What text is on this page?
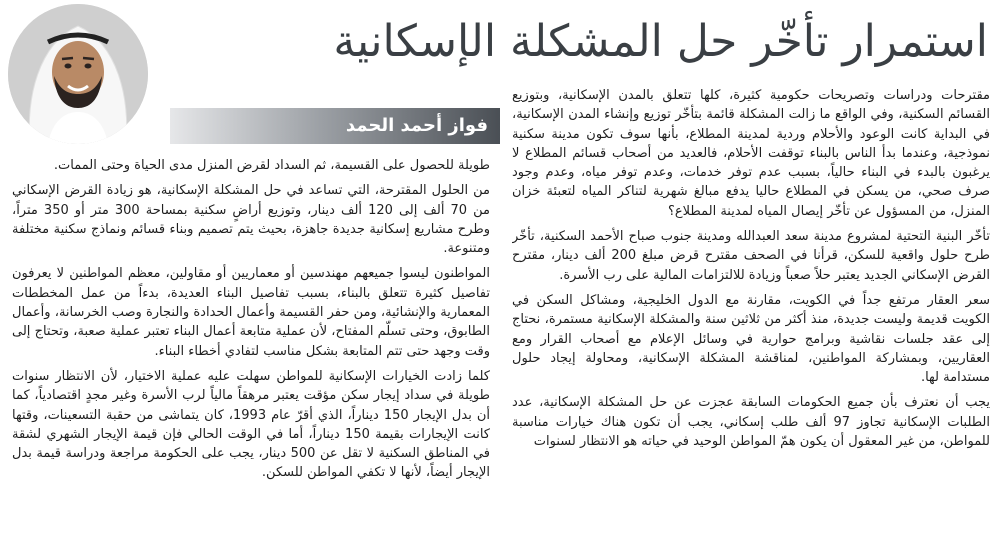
استمرار تأخّر حل المشكلة الإسكانية
فواز أحمد الحمد

مقترحات ودراسات وتصريحات حكومية كثيرة، كلها تتعلق بالمدن الإسكانية، وبتوزيع القسائم السكنية، وفي الواقع ما زالت المشكلة قائمة بتأخّر توزيع وإنشاء المدن الإسكانية، في البداية كانت الوعود والأحلام وردية لمدينة المطلاع، بأنها سوف تكون مدينة سكنية نموذجية، وعندما بدأ الناس بالبناء توقفت الأحلام، فالعديد من أصحاب قسائم المطلاع لا يرغبون بالبدء في البناء حالياً، بسبب عدم توفر خدمات، وعدم توفر مياه، وعدم وجود صرف صحي، من يسكن في المطلاع حاليا يدفع مبالغ شهرية لتناكر المياه لتعبئة خزان المنزل، من المسؤول عن تأخّر إيصال المياه لمدينة المطلاع؟

تأخّر البنية التحتية لمشروع مدينة سعد العبدالله ومدينة جنوب صباح الأحمد السكنية، تأخّر طرح حلول واقعية للسكن، قرأنا في الصحف مقترح قرض مبلغ 200 ألف دينار، مقترح القرض الإسكاني الجديد يعتبر حلاً صعباً وزيادة للالتزامات المالية على رب الأسرة.

سعر العقار مرتفع جداً في الكويت، مقارنة مع الدول الخليجية، ومشاكل السكن في الكويت قديمة وليست جديدة، منذ أكثر من ثلاثين سنة والمشكلة الإسكانية مستمرة، نحتاج إلى عقد جلسات نقاشية وبرامج حوارية في وسائل الإعلام مع أصحاب القرار ومع العقاريين، وبمشاركة المواطنين، لمناقشة المشكلة الإسكانية، ومحاولة إيجاد حلول مستدامة لها.

يجب أن نعترف بأن جميع الحكومات السابقة عجزت عن حل المشكلة الإسكانية، عدد الطلبات الإسكانية تجاوز 97 ألف طلب إسكاني، يجب أن تكون هناك خيارات مناسبة للمواطن، من غير المعقول أن يكون همّ المواطن الوحيد في حياته هو الانتظار لسنوات

طويلة للحصول على القسيمة، ثم السداد لقرض المنزل مدى الحياة وحتى الممات.

من الحلول المقترحة، التي تساعد في حل المشكلة الإسكانية، هو زيادة القرض الإسكاني من 70 ألف إلى 120 ألف دينار، وتوزيع أراضٍ سكنية بمساحة 300 متر أو 350 متراً، وطرح مشاريع إسكانية جديدة جاهزة، بحيث يتم تصميم وبناء قسائم ونماذج سكنية مختلفة ومتنوعة.

المواطنون ليسوا جميعهم مهندسين أو معماريين أو مقاولين، معظم المواطنين لا يعرفون تفاصيل كثيرة تتعلق بالبناء، بسبب تفاصيل البناء العديدة، بدءاً من عمل المخططات المعمارية والإنشائية، ومن حفر القسيمة وأعمال الحدادة والنجارة وصب الخرسانة، وأعمال الطابوق، وحتى تسلّم المفتاح، لأن عملية متابعة أعمال البناء تعتبر عملية صعبة، وتحتاج إلى وقت وجهد حتى تتم المتابعة بشكل مناسب لتفادي أخطاء البناء.

كلما زادت الخيارات الإسكانية للمواطن سهلت عليه عملية الاختيار، لأن الانتظار سنوات طويلة في سداد إيجار سكن مؤقت يعتبر مرهقاً مالياً لرب الأسرة وغير مجدٍ اقتصادياً، كما أن بدل الإيجار 150 ديناراً، الذي أقرّ عام 1993، كان يتماشى من حقبة التسعينات، وقتها كانت الإيجارات بقيمة 150 ديناراً، أما في الوقت الحالي فإن قيمة الإيجار الشهري لشقة في المناطق السكنية لا تقل عن 500 دينار، يجب على الحكومة مراجعة ودراسة قيمة بدل الإيجار أيضاً، لأنها لا تكفي المواطن للسكن.
